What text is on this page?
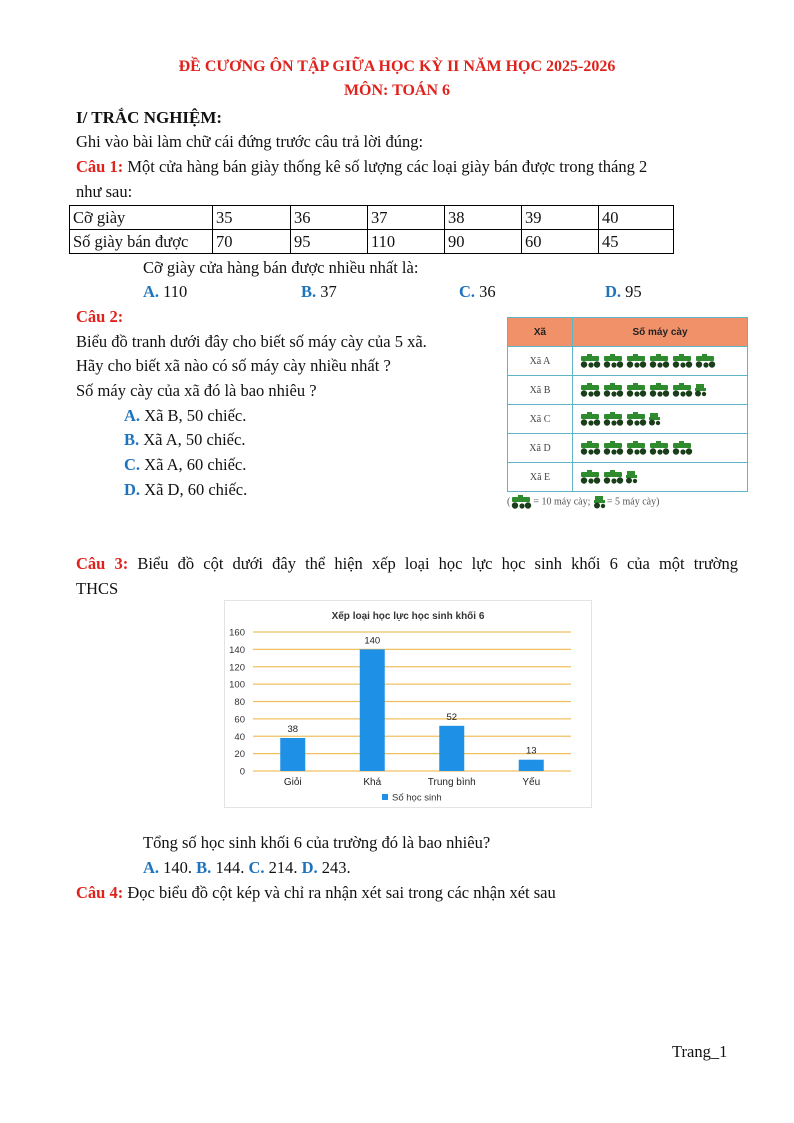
ĐỀ CƯƠNG ÔN TẬP GIỮA HỌC KỲ II NĂM HỌC 2025-2026
MÔN: TOÁN 6
I/ TRẮC NGHIỆM:
Ghi vào bài làm chữ cái đứng trước câu trả lời đúng:
Câu 1: Một cửa hàng bán giày thống kê số lượng các loại giày bán được trong tháng 2
như sau:
Cỡ giày	35	36	37	38	39	40
Số giày bán được	70	95	110	90	60	45
Cỡ giày cửa hàng bán được nhiều nhất là:
A. 110	B. 37	C. 36	D. 95
Câu 2:
Biểu đồ tranh dưới đây cho biết số máy cày của 5 xã.
Hãy cho biết xã nào có số máy cày nhiều nhất ?
Số máy cày của xã đó là bao nhiêu ?
A. Xã B, 50 chiếc.
B. Xã A, 50 chiếc.
C. Xã A, 60 chiếc.
D. Xã D, 60 chiếc.
Xã	Số máy cày
Xã A	
Xã B	
Xã C	
Xã D	
Xã E	
( = 10 máy cày; = 5 máy cày)
Câu 3: Biểu đồ cột dưới đây thể hiện xếp loại học lực học sinh khối 6 của một trường
THCS
Xếp loại học lực học sinh khối 6
0
20
40
60
80
100
120
140
160
38
Giỏi
140
Khá
52
Trung bình
13
Yếu
Số học sinh
Tổng số học sinh khối 6 của trường đó là bao nhiêu?
A. 140. B. 144. C. 214. D. 243.
Câu 4: Đọc biểu đồ cột kép và chỉ ra nhận xét sai trong các nhận xét sau
Trang_1
